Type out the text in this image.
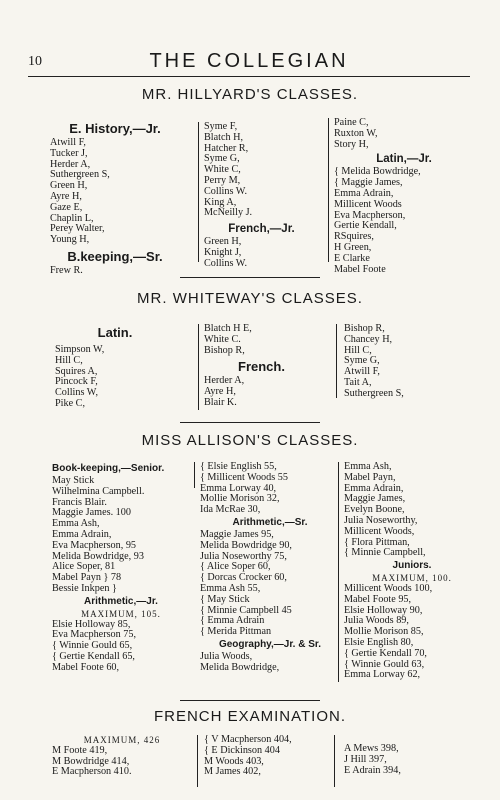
10	THE COLLEGIAN
MR. HILLYARD'S CLASSES.
E. History,—Jr.
Atwill F,
Tucker J,
Herder A,
Suthergreen S,
Green H,
Ayre H,
Gaze E,
Chaplin L,
Perey Walter,
Young H,
B.keeping,—Sr.
Frew R.
Syme F,
Blatch H,
Hatcher R,
Syme G,
White C,
Perry M,
Collins W.
King A,
McNeilly J.
French,—Jr.
Green H,
Knight J,
Collins W.
Paine C,
Ruxton W,
Story H,
Latin,—Jr.
{ Melida Bowdridge,
{ Maggie James,
Emma Adrain,
Millicent Woods
Eva Macpherson,
Gertie Kendall,
RSquires,
H Green,
E Clarke
Mabel Foote
MR. WHITEWAY'S CLASSES.
Latin.
Simpson W,
Hill C,
Squires A,
Pincock F,
Collins W,
Pike C,
Blatch H E,
White C.
Bishop R,
French.
Herder A,
Ayre H,
Blair K.
Bishop R,
Chancey H,
Hill C,
Syme G,
Atwill F,
Tait A,
Suthergreen S,
MISS ALLISON'S CLASSES.
Book-keeping,—Senior.
May Stick
Wilhelmina Campbell.
Francis Blair.
Maggie James. 100
Emma Ash,
Emma Adrain,
Eva Macpherson, 95
Melida Bowdridge, 93
Alice Soper, 81
Mabel Payn } 78
Bessie Inkpen }
Arithmetic,—Jr.
MAXIMUM, 105.
Elsie Holloway 85,
Eva Macpherson 75,
{ Winnie Gould 65,
{ Gertie Kendall 65,
Mabel Foote 60,
{ Elsie English 55,
{ Millicent Woods 55
Emma Lorway 40,
Mollie Morison 32,
Ida McRae 30,
Arithmetic,—Sr.
Maggie James 95,
Melida Bowdridge 90,
Julia Noseworthy 75,
{ Alice Soper 60,
{ Dorcas Crocker 60,
Emma Ash 55,
{ May Stick
{ Minnie Campbell 45
{ Emma Adrain
{ Merida Pittman
Geography,—Jr. & Sr.
Julia Woods,
Melida Bowdridge,
Emma Ash,
Mabel Payn,
Emma Adrain,
Maggie James,
Evelyn Boone,
Julia Noseworthy,
Millicent Woods,
{ Flora Pittman,
{ Minnie Campbell,
Juniors.
MAXIMUM, 100.
Millicent Woods 100,
Mabel Foote 95,
Elsie Holloway 90,
Julia Woods 89,
Mollie Morison 85,
Elsie English 80,
{ Gertie Kendall 70,
{ Winnie Gould 63,
Emma Lorway 62,
FRENCH EXAMINATION.
MAXIMUM, 426
M Foote 419,
M Bowdridge 414,
E Macpherson 410.
{ V Macpherson 404,
{ E Dickinson 404
M Woods 403,
M James 402,
A Mews 398,
J Hill 397,
E Adrain 394,
